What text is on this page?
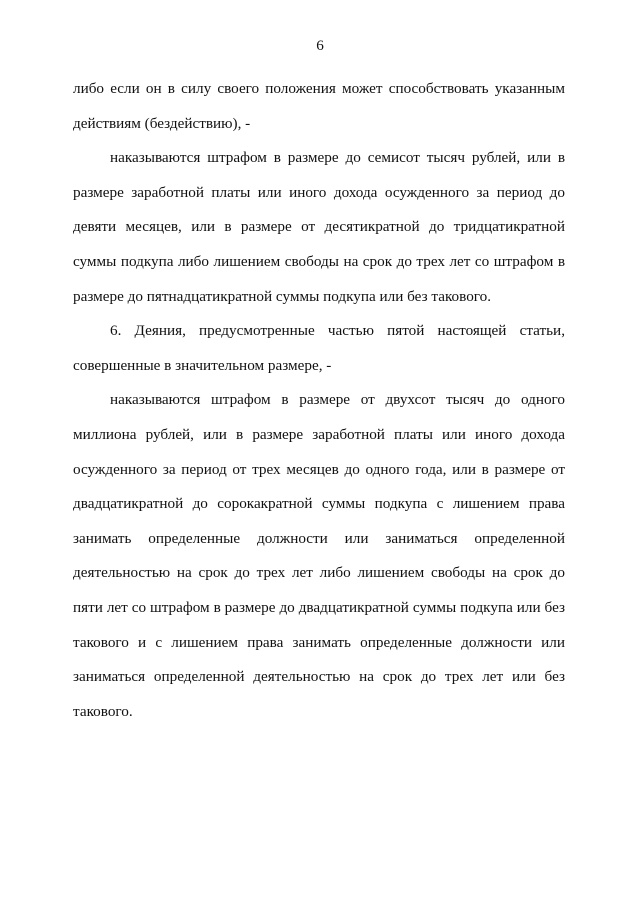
6

либо если он в силу своего положения может способствовать указанным действиям (бездействию), -

наказываются штрафом в размере до семисот тысяч рублей, или в размере заработной платы или иного дохода осужденного за период до девяти месяцев, или в размере от десятикратной до тридцатикратной суммы подкупа либо лишением свободы на срок до трех лет со штрафом в размере до пятнадцатикратной суммы подкупа или без такового.

6. Деяния, предусмотренные частью пятой настоящей статьи, совершенные в значительном размере, -

наказываются штрафом в размере от двухсот тысяч до одного миллиона рублей, или в размере заработной платы или иного дохода осужденного за период от трех месяцев до одного года, или в размере от двадцатикратной до сорокакратной суммы подкупа с лишением права занимать определенные должности или заниматься определенной деятельностью на срок до трех лет либо лишением свободы на срок до пяти лет со штрафом в размере до двадцатикратной суммы подкупа или без такового и с лишением права занимать определенные должности или заниматься определенной деятельностью на срок до трех лет или без такового.
